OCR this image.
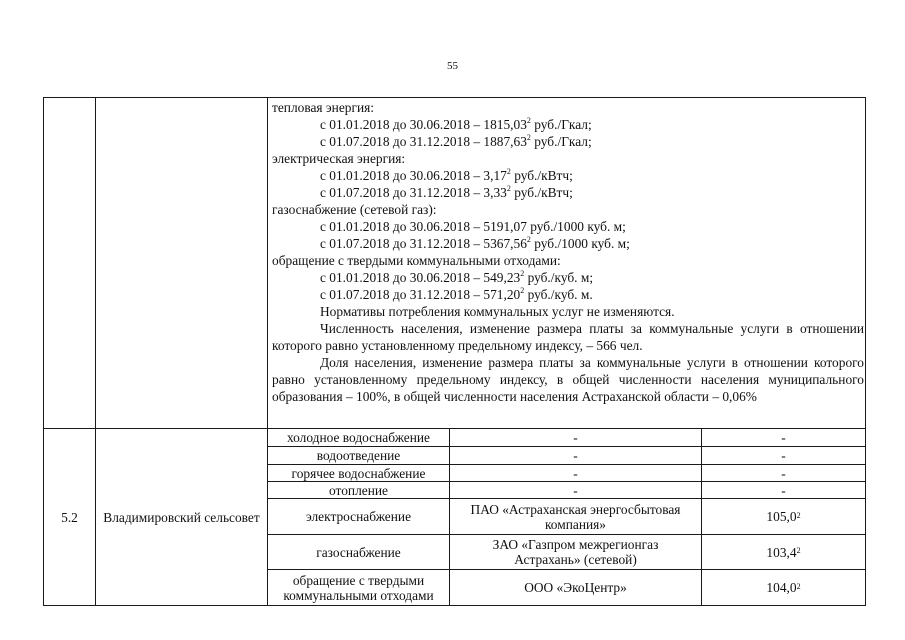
55
тепловая энергия:
с 01.01.2018 до 30.06.2018 – 1815,03$^2$ руб./Гкал;
с 01.07.2018 до 31.12.2018 – 1887,63$^2$ руб./Гкал;
электрическая энергия:
с 01.01.2018 до 30.06.2018 – 3,17$^2$ руб./кВтч;
с 01.07.2018 до 31.12.2018 – 3,33$^2$ руб./кВтч;
газоснабжение (сетевой газ):
с 01.01.2018 до 30.06.2018 – 5191,07 руб./1000 куб. м;
с 01.07.2018 до 31.12.2018 – 5367,56$^2$ руб./1000 куб. м;
обращение с твердыми коммунальными отходами:
с 01.01.2018 до 30.06.2018 – 549,23$^2$ руб./куб. м;
с 01.07.2018 до 31.12.2018 – 571,20$^2$ руб./куб. м.
Нормативы потребления коммунальных услуг не изменяются.
Численность населения, изменение размера платы за коммунальные услуги в отношении которого равно установленному предельному индексу, – 566 чел.
Доля населения, изменение размера платы за коммунальные услуги в отношении которого равно установленному предельному индексу, в общей численности населения муниципального образования – 100%, в общей численности населения Астраханской области – 0,06%
5.2	Владимировский сельсовет
холодное водоснабжение	-	-
водоотведение	-	-
горячее водоснабжение	-	-
отопление	-	-
электроснабжение	ПАО «Астраханская энергосбытовая компания»	105,0$^2$
газоснабжение	ЗАО «Газпром межрегионгаз Астрахань» (сетевой)	103,4$^2$
обращение с твердыми коммунальными отходами	ООО «ЭкоЦентр»	104,0$^2$
